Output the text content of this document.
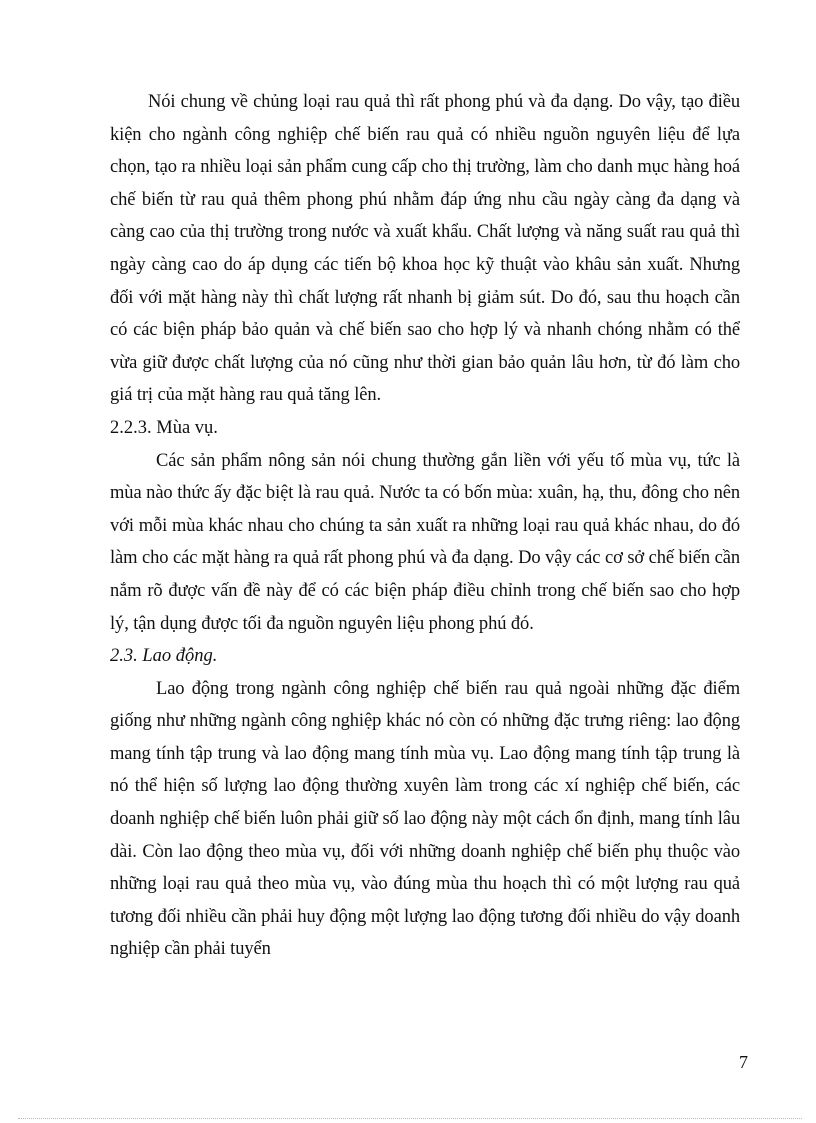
Nói chung về chủng loại rau quả thì rất phong phú và đa dạng. Do vậy, tạo điều kiện cho ngành công nghiệp chế biến rau quả có nhiều nguồn nguyên liệu để lựa chọn, tạo ra nhiều loại sản phẩm cung cấp cho thị trường, làm cho danh mục hàng hoá chế biến từ rau quả thêm phong phú nhằm đáp ứng nhu cầu ngày càng đa dạng và càng cao của thị trường trong nước và xuất khẩu. Chất lượng và năng suất rau quả thì ngày càng cao do áp dụng các tiến bộ khoa học kỹ thuật vào khâu sản xuất. Nhưng đối với mặt hàng này thì chất lượng rất nhanh bị giảm sút. Do đó, sau thu hoạch cần có các biện pháp bảo quản và chế biến sao cho hợp lý và nhanh chóng nhằm có thể vừa giữ được chất lượng của nó cũng như thời gian bảo quản lâu hơn, từ đó làm cho giá trị của mặt hàng rau quả tăng lên.

2.2.3. Mùa vụ.

Các sản phẩm nông sản nói chung thường gắn liền với yếu tố mùa vụ, tức là mùa nào thức ấy đặc biệt là rau quả. Nước ta có bốn mùa: xuân, hạ, thu, đông cho nên với mỗi mùa khác nhau cho chúng ta sản xuất ra những loại rau quả khác nhau, do đó làm cho các mặt hàng ra quả rất phong phú và đa dạng. Do vậy các cơ sở chế biến cần nắm rõ được vấn đề này để có các biện pháp điều chỉnh trong chế biến sao cho hợp lý, tận dụng được tối đa nguồn nguyên liệu phong phú đó.

2.3. Lao động.

Lao động trong ngành công nghiệp chế biến rau quả ngoài những đặc điểm giống như những ngành công nghiệp khác nó còn có những đặc trưng riêng: lao động mang tính tập trung và lao động mang tính mùa vụ. Lao động mang tính tập trung là nó thể hiện số lượng lao động thường xuyên làm trong các xí nghiệp chế biến, các doanh nghiệp chế biến luôn phải giữ số lao động này một cách ổn định, mang tính lâu dài. Còn lao động theo mùa vụ, đối với những doanh nghiệp chế biến phụ thuộc vào những loại rau quả theo mùa vụ, vào đúng mùa thu hoạch thì có một lượng rau quả tương đối nhiều cần phải huy động một lượng lao động tương đối nhiều do vậy doanh nghiệp cần phải tuyển

7
